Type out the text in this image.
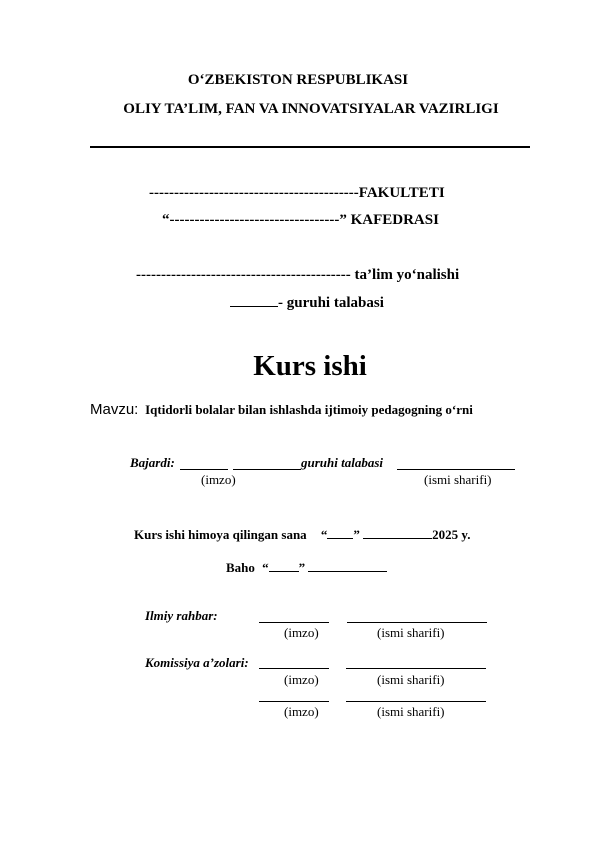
O‘ZBEKISTON RESPUBLIKASI
OLIY TA’LIM, FAN VA INNOVATSIYALAR VAZIRLIGI
------------------------------------------FAKULTETI
“----------------------------------” KAFEDRASI
------------------------------------------- ta’lim yo‘nalishi
- guruhi talabasi
Kurs ishi
Mavzu: Iqtidorli bolalar bilan ishlashda ijtimoiy pedagogning o‘rni
Bajardi:	guruhi talabasi
(imzo)	(ismi sharifi)
Kurs ishi himoya qilingan sana “ ”	2025 y.
Baho “ ”
Ilmiy rahbar:
(imzo)	(ismi sharifi)
Komissiya a’zolari:
(imzo)	(ismi sharifi)
(imzo)	(ismi sharifi)
